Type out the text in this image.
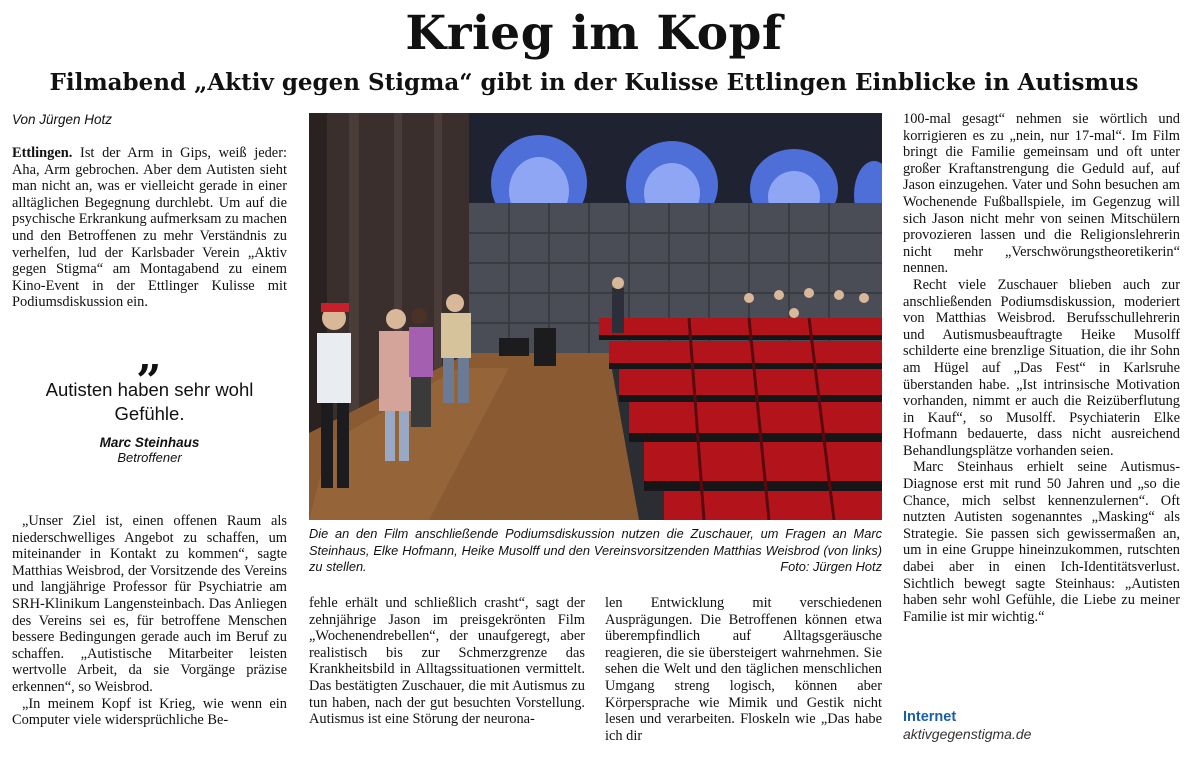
Krieg im Kopf
Filmabend „Aktiv gegen Stigma“ gibt in der Kulisse Ettlingen Einblicke in Autismus
Von Jürgen Hotz

Ettlingen. Ist der Arm in Gips, weiß jeder: Aha, Arm gebrochen. Aber dem Autisten sieht man nicht an, was er vielleicht gerade in einer alltäglichen Begegnung durchlebt. Um auf die psychische Erkrankung aufmerksam zu machen und den Betroffenen zu mehr Verständnis zu verhelfen, lud der Karlsbader Verein „Aktiv gegen Stigma“ am Montagabend zu einem Kino-Event in der Ettlinger Kulisse mit Podiumsdiskussion ein.

„
Autisten haben sehr wohl Gefühle.
Marc Steinhaus
Betroffener

„Unser Ziel ist, einen offenen Raum als niederschwelliges Angebot zu schaffen, um miteinander in Kontakt zu kommen“, sagte Matthias Weisbrod, der Vorsitzende des Vereins und langjährige Professor für Psychiatrie am SRH-Klinikum Langensteinbach. Das Anliegen des Vereins sei es, für betroffene Menschen bessere Bedingungen gerade auch im Beruf zu schaffen. „Autistische Mitarbeiter leisten wertvolle Arbeit, da sie Vorgänge präzise erkennen“, so Weisbrod.

„In meinem Kopf ist Krieg, wie wenn ein Computer viele widersprüchliche Be-

Die an den Film anschließende Podiumsdiskussion nutzen die Zuschauer, um Fragen an Marc Steinhaus, Elke Hofmann, Heike Musolff und den Vereinsvorsitzenden Matthias Weisbrod (von links) zu stellen.	Foto: Jürgen Hotz

fehle erhält und schließlich crasht“, sagt der zehnjährige Jason im preisgekrönten Film „Wochenendrebellen“, der unaufgeregt, aber realistisch bis zur Schmerzgrenze das Krankheitsbild in Alltagssituationen vermittelt. Das bestätigten Zuschauer, die mit Autismus zu tun haben, nach der gut besuchten Vorstellung. Autismus ist eine Störung der neurona-

len Entwicklung mit verschiedenen Ausprägungen. Die Betroffenen können etwa überempfindlich auf Alltagsgeräusche reagieren, die sie übersteigert wahrnehmen. Sie sehen die Welt und den täglichen menschlichen Umgang streng logisch, können aber Körpersprache wie Mimik und Gestik nicht lesen und verarbeiten. Floskeln wie „Das habe ich dir

100-mal gesagt“ nehmen sie wörtlich und korrigieren es zu „nein, nur 17-mal“. Im Film bringt die Familie gemeinsam und oft unter großer Kraftanstrengung die Geduld auf, auf Jason einzugehen. Vater und Sohn besuchen am Wochenende Fußballspiele, im Gegenzug will sich Jason nicht mehr von seinen Mitschülern provozieren lassen und die Religionslehrerin nicht mehr „Verschwörungstheoretikerin“ nennen.

Recht viele Zuschauer blieben auch zur anschließenden Podiumsdiskussion, moderiert von Matthias Weisbrod. Berufsschullehrerin und Autismusbeauftragte Heike Musolff schilderte eine brenzlige Situation, die ihr Sohn am Hügel auf „Das Fest“ in Karlsruhe überstanden habe. „Ist intrinsische Motivation vorhanden, nimmt er auch die Reizüberflutung in Kauf“, so Musolff. Psychiaterin Elke Hofmann bedauerte, dass nicht ausreichend Behandlungsplätze vorhanden seien.

Marc Steinhaus erhielt seine Autismus-Diagnose erst mit rund 50 Jahren und „so die Chance, mich selbst kennenzulernen“. Oft nutzten Autisten sogenanntes „Masking“ als Strategie. Sie passen sich gewissermaßen an, um in eine Gruppe hineinzukommen, rutschten dabei aber in einen Ich-Identitätsverlust. Sichtlich bewegt sagte Steinhaus: „Autisten haben sehr wohl Gefühle, die Liebe zu meiner Familie ist mir wichtig.“

Internet
aktivgegenstigma.de
